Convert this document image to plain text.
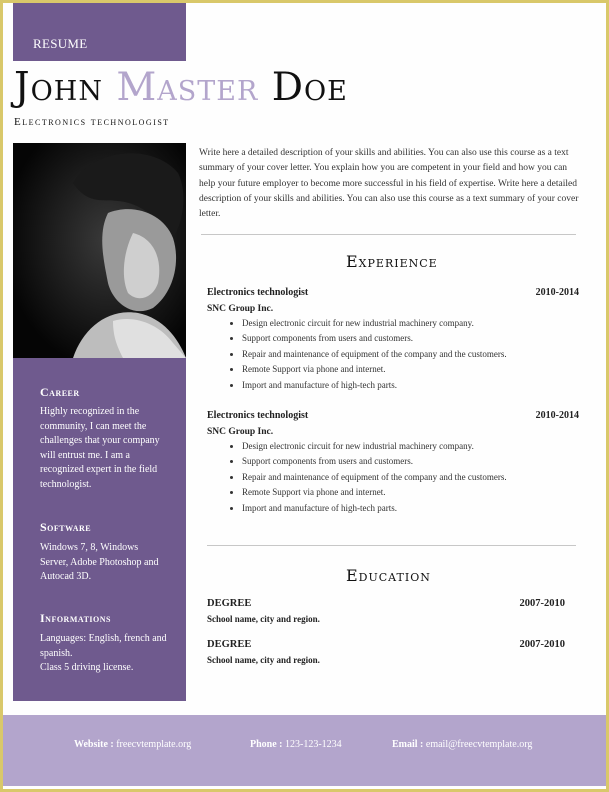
RESUME
John Master Doe
Electronics technologist
Career
Highly recognized in the community, I can meet the challenges that your company will entrust me. I am a recognized expert in the field technologist.
Software
Windows 7, 8, Windows Server, Adobe Photoshop and Autocad 3D.
Informations
Languages: English, french and spanish.
Class 5 driving license.
Write here a detailed description of your skills and abilities. You can also use this course as a text summary of your cover letter. You explain how you are competent in your field and how you can help your future employer to become more successful in his field of expertise. Write here a detailed description of your skills and abilities. You can also use this course as a text summary of your cover letter.
Experience
Electronics technologist	2010-2014
SNC Group Inc.
• Design electronic circuit for new industrial machinery company.
• Support components from users and customers.
• Repair and maintenance of equipment of the company and the customers.
• Remote Support via phone and internet.
• Import and manufacture of high-tech parts.
Electronics technologist	2010-2014
SNC Group Inc.
• Design electronic circuit for new industrial machinery company.
• Support components from users and customers.
• Repair and maintenance of equipment of the company and the customers.
• Remote Support via phone and internet.
• Import and manufacture of high-tech parts.
Education
DEGREE	2007-2010
School name, city and region.
DEGREE	2007-2010
School name, city and region.
Website : freecvtemplate.org	Phone : 123-123-1234	Email : email@freecvtemplate.org
